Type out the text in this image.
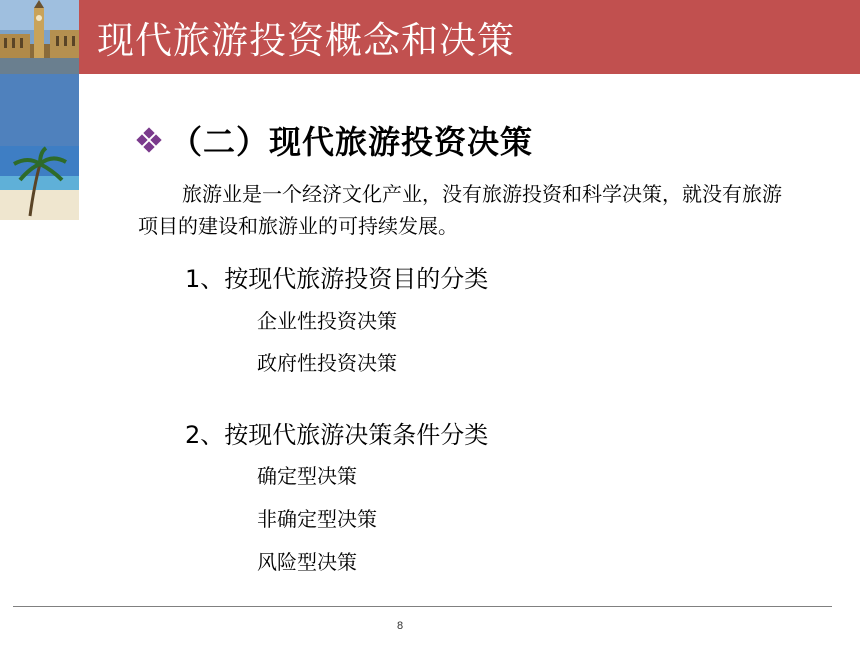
现代旅游投资概念和决策
（二）现代旅游投资决策
旅游业是一个经济文化产业，没有旅游投资和科学决策，就没有旅游项目的建设和旅游业的可持续发展。
1、按现代旅游投资目的分类
企业性投资决策
政府性投资决策
2、按现代旅游决策条件分类
确定型决策
非确定型决策
风险型决策
8
